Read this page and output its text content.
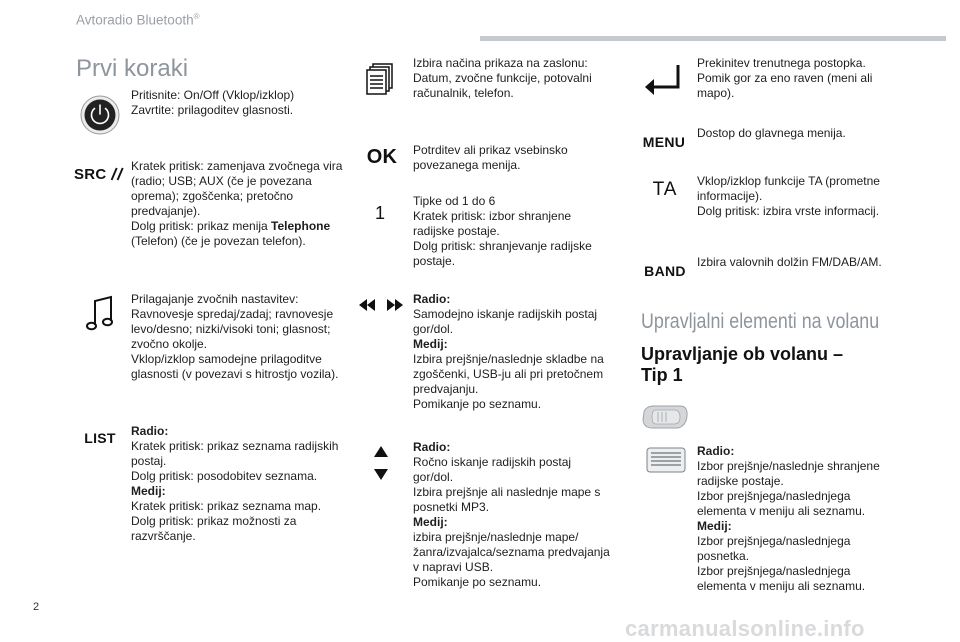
Avtoradio Bluetooth®
Prvi koraki
Pritisnite: On/Off (Vklop/izklop)
Zavrtite: prilagoditev glasnosti.
SRC Kratek pritisk: zamenjava zvočnega vira (radio; USB; AUX (če je povezana oprema); zgoščenka; pretočno predvajanje).
Dolg pritisk: prikaz menija Telephone (Telefon) (če je povezan telefon).
Prilagajanje zvočnih nastavitev:
Ravnovesje spredaj/zadaj; ravnovesje levo/desno; nizki/visoki toni; glasnost; zvočno okolje.
Vklop/izklop samodejne prilagoditve glasnosti (v povezavi s hitrostjo vozila).
LIST Radio:
Kratek pritisk: prikaz seznama radijskih postaj.
Dolg pritisk: posodobitev seznama.
Medij:
Kratek pritisk: prikaz seznama map.
Dolg pritisk: prikaz možnosti za razvrščanje.
Izbira načina prikaza na zaslonu:
Datum, zvočne funkcije, potovalni računalnik, telefon.
OK Potrditev ali prikaz vsebinsko povezanega menija.
1
Tipke od 1 do 6
Kratek pritisk: izbor shranjene radijske postaje.
Dolg pritisk: shranjevanje radijske postaje.
Radio:
Samodejno iskanje radijskih postaj gor/dol.
Medij:
Izbira prejšnje/naslednje skladbe na zgoščenki, USB-ju ali pri pretočnem predvajanju.
Pomikanje po seznamu.
Radio:
Ročno iskanje radijskih postaj gor/dol.
Izbira prejšnje ali naslednje mape s posnetki MP3.
Medij:
izbira prejšnje/naslednje mape/žanra/izvajalca/seznama predvajanja v napravi USB.
Pomikanje po seznamu.
Prekinitev trenutnega postopka.
Pomik gor za eno raven (meni ali mapo).
MENU
Dostop do glavnega menija.
TA Vklop/izklop funkcije TA (prometne informacije).
Dolg pritisk: izbira vrste informacij.
BAND
Izbira valovnih dolžin FM/DAB/AM.
Upravljalni elementi na volanu
Upravljanje ob volanu –
Tip 1
Radio:
Izbor prejšnje/naslednje shranjene radijske postaje.
Izbor prejšnjega/naslednjega elementa v meniju ali seznamu.
Medij:
Izbor prejšnjega/naslednjega posnetka.
Izbor prejšnjega/naslednjega elementa v meniju ali seznamu.
2
carmanualsonline.info
